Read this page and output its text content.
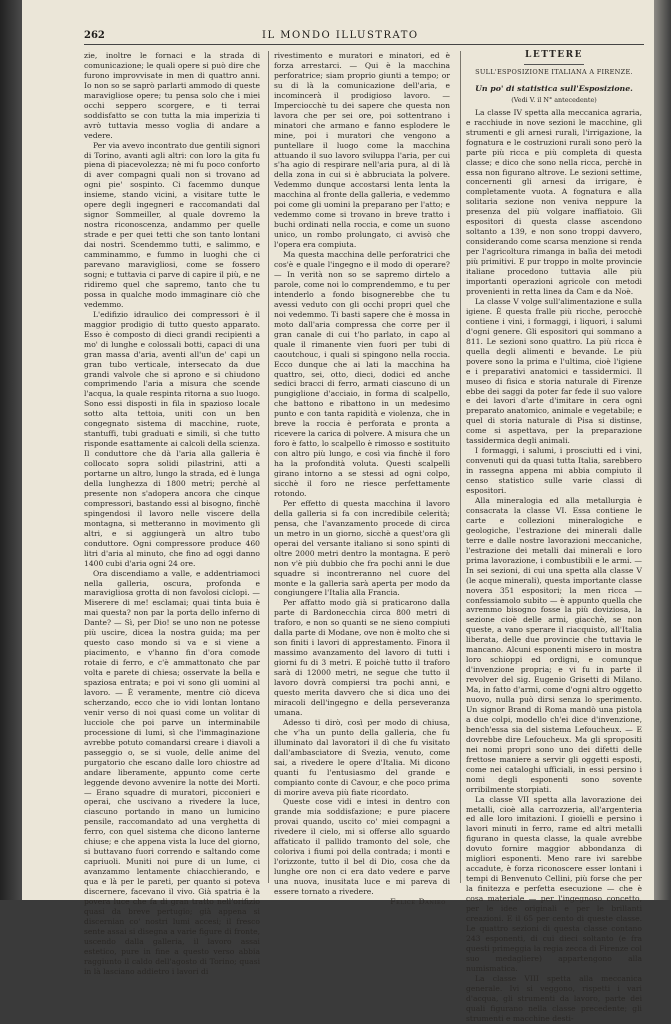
262	IL MONDO ILLUSTRATO

zie, inoltre le fornaci e la strada di comunicazione; le quali opere si può dire che furono improvvisate in men di quattro anni. Io non so se saprò parlarti ammodo di queste maravigliose opere; tu pensa solo che i miei occhi seppero scorgere, e ti terrai soddisfatto se con tutta la mia imperizia ti avrò tuttavia messo voglia di andare a vedere.

Per via avevo incontrato due gentili signori di Torino, avanti agli altri: con loro la gita fu piena di piacevolezza; nè mi fu poco conforto di aver compagni quali non si trovano ad ogni pie' sospinto. Ci facemmo dunque insieme, stando vicini, a visitare tutte le opere degli ingegneri e raccomandati dal signor Sommeiller, al quale dovremo la nostra riconoscenza, andammo per quelle strade e per quei tetti che son tanto lontani dai nostri. Scendemmo tutti, e salimmo, e camminammo, e fummo in luoghi che ci parevano maravigliosi, come se fossero sogni; e tuttavia ci parve di capire il più, e ne ridiremo quel che sapremo, tanto che tu possa in qualche modo immaginare ciò che vedemmo.

L'edifizio idraulico dei compressori è il maggior prodigio di tutto questo apparato. Esso è composto di dieci grandi recipienti a mo' di lunghe e colossali botti, capaci di una gran massa d'aria, aventi all'un de' capi un gran tubo verticale, intersecato da due grandi valvole che si aprono e si chiudono comprimendo l'aria a misura che scende l'acqua, la quale respinta ritorna a suo luogo. Sono essi disposti in fila in spazioso locale sotto alta tettoia, uniti con un ben congegnato sistema di macchine, ruote, stantuffi, tubi graduati e simili, sì che tutto risponde esattamente ai calcoli della scienza. Il conduttore che dà l'aria alla galleria è collocato sopra solidi pilastrini, atti a portarne un altro, lungo la strada, ed è lunga della lunghezza di 1800 metri; perchè al presente non s'adopera ancora che cinque compressori, bastando essi al bisogno, finchè spingendosi il lavoro nelle viscere della montagna, si metteranno in movimento gli altri, e si aggiungerà un altro tubo conduttore. Ogni compressore produce 460 litri d'aria al minuto, che fino ad oggi danno 1400 cubi d'aria ogni 24 ore.

Ora discendiamo a valle, e addentriamoci nella galleria, oscura, profonda e maravigliosa grotta di non favolosi ciclopi. — Miserere di me! esclamai; quai tinta buia è mai questa? non par la porta dello inferno di Dante? — Sì, per Dio! se uno non ne potesse più uscire, dicea la nostra guida; ma per questo caso mondo si va e si viene a piacimento, e v'hanno fin d'ora comode rotaie di ferro, e c'è ammattonato che par volta e parete di chiesa; osservate la bella e spaziosa entrata; e poi vi sono gli uomini al lavoro. — È veramente, mentre ciò diceva scherzando, ecco che io vidi lontan lontano venir verso di noi quasi come un volitar di lucciole che poi parve un interminabile processione di lumi, sì che l'immaginazione avrebbe potuto comandarsi creare i diavoli a passeggio o, se si vuole, delle anime del purgatorio che escano dalle loro chiostre ad andare liberamente, appunto come certe leggende devono avvenire la notte dei Morti. — Erano squadre di muratori, picconieri e operai, che uscivano a rivedere la luce, ciascuno portando in mano un lumicino pensile, raccomandato ad una verghetta di ferro, con quel sistema che dicono lanterne chiuse; e che appena vista la luce del giorno, si buttavano fuori correndo e saltando come capriuoli. Muniti noi pure di un lume, ci avanzammo lentamente chiacchierando, e qua e là per le pareti, per quanto si poteva discernere, facevano il vivo. Già spatria è la povera luce che fa di gran tratto nell'orifizio quasi da breve pertugio; già appena si discernian co' nostri lumi accesi; il fresco sente assai si disegna a varie figure di fronte, uscendo dalla galleria, il lavoro assai estetico, pure in fine a questo verso abbia raggiunto il caldo dell'agosto di Torino; quasi in là lasciano addietro i lavori di

rivestimento e muratori e minatori, ed è forza arrestarci. — Qui è la macchina perforatrice; siam proprio giunti a tempo; or su di là la comunicazione dell'aria, e incomincerà il prodigioso lavoro. — Imperciocchè tu dei sapere che questa non lavora che per sei ore, poi sottentrano i minatori che armano e fanno esplodere le mine, poi i muratori che vengono a puntellare il luogo come la macchina attuando il suo lavoro sviluppa l'aria, per cui s'ha agio di respirare nell'aria pura, al di là della zona in cui si è abbruciata la polvere. Vedemmo dunque accostarsi lenta lenta la macchina al fronte della galleria, e vedemmo poi come gli uomini la preparano per l'atto; e vedemmo come si trovano in breve tratto i buchi ordinati nella roccia, e come un suono unico, un rombo prolungato, ci avvisò che l'opera era compiuta.

Ma questa macchina delle perforatrici che cos'è e quale l'ingegno e il modo di operare? — In verità non so se sapremo dirtelo a parole, come noi lo comprendemmo, e tu per intenderlo a fondo bisognerebbe che tu avessi veduto con gli occhi propri quel che noi vedemmo. Ti basti sapere che è mossa in moto dall'aria compressa che corre per il gran canale di cui t'ho parlato, in capo al quale il rimanente vien fuori per tubi di caoutchouc, i quali si spingono nella roccia. Ecco dunque che ai lati la macchina ha quattro, sei, otto, dieci, dodici ed anche sedici bracci di ferro, armati ciascuno di un pungiglione d'acciaio, in forma di scalpello, che battono e ribattono in un medesimo punto e con tanta rapidità e violenza, che in breve la roccia è perforata e pronta a ricevere la carica di polvere. A misura che un foro è fatto, lo scalpello è rimosso e sostituito con altro più lungo, e così via finchè il foro ha la profondità voluta. Questi scalpelli girano intorno a se stessi ad ogni colpo, sicchè il foro ne riesce perfettamente rotondo.

Per effetto di questa macchina il lavoro della galleria si fa con incredibile celerità; pensa, che l'avanzamento procede di circa un metro in un giorno, sicchè a quest'ora gli operai del versante italiano si sono spinti di oltre 2000 metri dentro la montagna. E però non v'è più dubbio che fra pochi anni le due squadre si incontreranno nel cuore del monte e la galleria sarà aperta per modo da congiungere l'Italia alla Francia.

Per affatto modo già si praticarono dalla parte di Bardonecchia circa 800 metri di traforo, e non so quanti se ne sieno compiuti dalla parte di Modane, ove non è molto che si son finiti i lavori di apprestamento. Finora il massimo avanzamento del lavoro di tutti i giorni fu di 3 metri. E poichè tutto il traforo sarà di 12000 metri, ne segue che tutto il lavoro dovrà compiersi tra pochi anni, e questo merita davvero che si dica uno dei miracoli dell'ingegno e della perseveranza umana.

Adesso ti dirò, così per modo di chiusa, che v'ha un punto della galleria, che fu illuminato dal lavoratori il dì che fu visitato dall'ambasciatore di Svezia, venuto, come sai, a rivedere le opere d'Italia. Mi dicono quanti fu l'entusiasmo del grande e compianto conte di Cavour, e che poco prima di morire aveva più fiate ricordato.

Queste cose vidi e intesi in dentro con grande mia soddisfazione; e pure piacere provai quando, uscito co' miei compagni a rivedere il cielo, mi si offerse allo sguardo affaticato il pallido tramonto del sole, che coloriva i fiumi poi della contrada; i monti e l'orizzonte, tutto il bel di Dio, cosa che da lunghe ore non ci era dato vedere e parve una nuova, inusitata luce e mi pareva di essere tornato a rivedere.

Felice Danieo

LETTERE

SULL'ESPOSIZIONE ITALIANA A FIRENZE.

Un po' di statistica sull'Esposizione.

(Vedi V. il N° antecedente)

La classe IV spetta alla meccanica agraria, e racchiude in nove sezioni le macchine, gli strumenti e gli arnesi rurali, l'irrigazione, la fognatura e le costruzioni rurali sono però la parte più ricca e più completa di questa classe; e dico che sono nella ricca, perchè in essa non figurano altrove. Le sezioni settime, concernenti gli arnesi da irrigare, è completamente vuota. A fognatura e alla solitaria sezione non veniva neppure la presenza del più volgare inaffiatoio. Gli espositori di questa classe ascendono soltanto a 139, e non sono troppi davvero, considerando come scarsa menzione si renda per l'agricoltura rimanga in balìa dei metodi più primitivi. E pur troppo in molte provincie italiane procedono tuttavia alle più importanti operazioni agricole con metodi provenienti in retta linea da Cam e da Noè.

La classe V volge sull'alimentazione e sulla igiene. È questa fralle più ricche, perocchè contiene i vini, i formaggi, i liquori, i salumi d'ogni genere. Gli espositori qui sommano a 811. Le sezioni sono quattro. La più ricca è quella degli alimenti e bevande. Le più povere sono la prima e l'ultima, cioè l'igiene e i preparativi anatomici e tassidermici. Il museo di fisica e storia naturale di Firenze ebbe dei saggi da poter far fede il suo valore e dei lavori d'arte d'imitare in cera ogni preparato anatomico, animale e vegetabile; e quel di storia naturale di Pisa si distinse, come si aspettava, per la preparazione tassidermica degli animali.

I formaggi, i salumi, i prosciutti ed i vini, convenuti qui da quasi tutta Italia, sarebbero in rassegna appena mi abbia compiuto il censo statistico sulle varie classi di espositori.

Alla mineralogia ed alla metallurgia è consacrata la classe VI. Essa contiene le carte e collezioni mineralogiche e geologiche, l'estrazione dei minerali dalle terre e dalle nostre lavorazioni meccaniche, l'estrazione dei metalli dai minerali e loro prima lavorazione, i combustibili e le armi. — In sei sezioni, di cui una spetta alla classe V (le acque minerali), questa importante classe novera 351 espositori; la men ricca — confessiamolo subito — è appunto quella che avremmo bisogno fosse la più doviziosa, la sezione cioè delle armi, giacchè, se non queste, a vano sperare il riacquisto, all'Italia liberata, delle due provincie che tuttavia le mancano. Alcuni esponenti misero in mostra loro schioppi ed ordigni, e comunque d'invenzione propria; e vi fu in parte il revolver del sig. Eugenio Grisetti di Milano. Ma, in fatto d'armi, come d'ogni altro oggetto nuovo, nulla può dirsi senza lo sperimento. Un signor Brand di Roma mandò una pistola a due colpi, modello ch'ei dice d'invenzione, bench'essa sia del sistema Lefoucheux. — E dovrebbe dire Lefoucheux. Ma gli spropositi nei nomi propri sono uno dei difetti delle frettose maniere a servir gli oggetti esposti, come nei cataloghi ufficiali, in essi persino i nomi degli esponenti sono sovente orribilmente storpiati.

La classe VII spetta alla lavorazione dei metalli, cioè alla carrozzeria, all'argenteria ed alle loro imitazioni. I gioielli e persino i lavori minuti in ferro, rame ed altri metalli figurano in questa classe, la quale avrebbe dovuto fornire maggior abbondanza di migliori esponenti. Meno rare ivi sarebbe accadute, è forza riconoscere esser lontani i tempi di Benvenuto Cellini, più forse che per la finitezza e perfetta esecuzione — che è cosa materiale — per l'ingegnoso concetto, per le idee originali e per le brillanti creazioni. E il 65 per cento di queste classe. Le quattro sezioni di questa classe contano 243 esponenti, di cui dieci soltanto (e fra questi primeggia la regia zecca di Firenze col suo medagliere) appartengono alla numismatica.

La classe VIII spetta alla meccanica generale. Ivi si veggono, rispetti i vari d'acqua, gli strumenti da lavoro, parte dei quali figurano nella classe precedente; gli strumenti e macchine desti-
